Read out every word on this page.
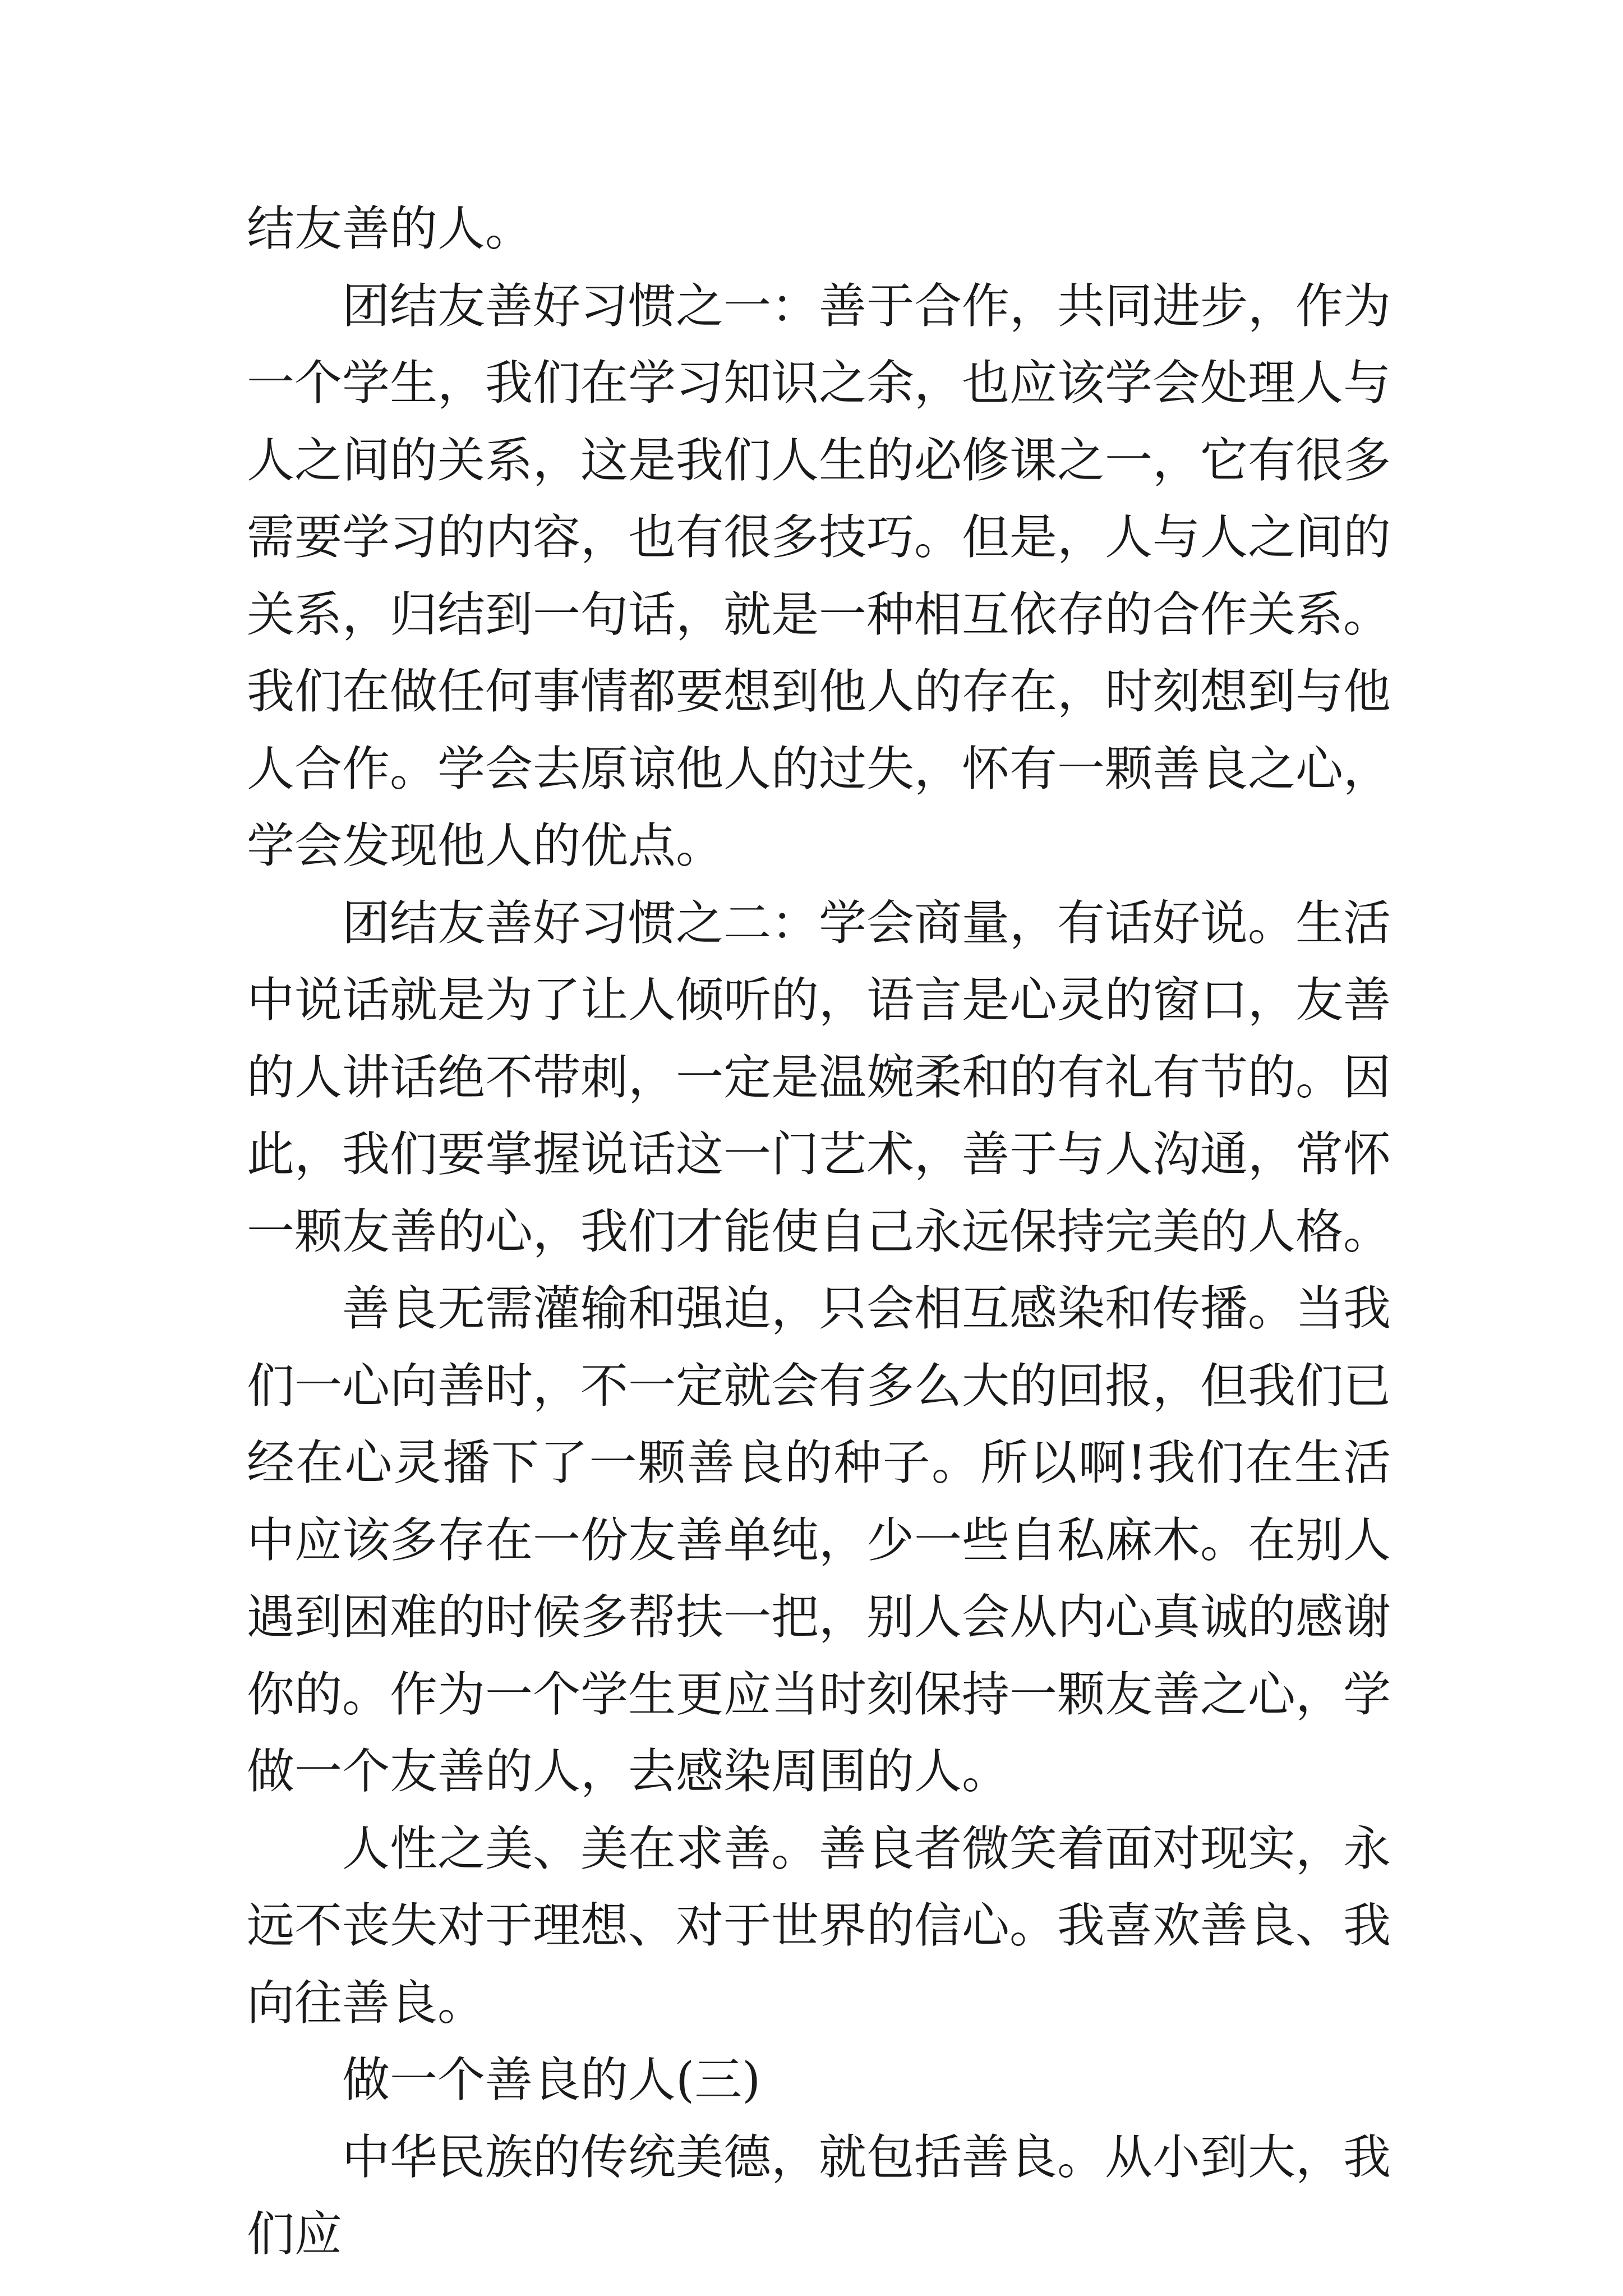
结友善的人。

团结友善好习惯之一：善于合作，共同进步，作为一个学生，我们在学习知识之余，也应该学会处理人与人之间的关系，这是我们人生的必修课之一，它有很多需要学习的内容，也有很多技巧。但是，人与人之间的关系，归结到一句话，就是一种相互依存的合作关系。我们在做任何事情都要想到他人的存在，时刻想到与他人合作。学会去原谅他人的过失，怀有一颗善良之心，学会发现他人的优点。

团结友善好习惯之二：学会商量，有话好说。生活中说话就是为了让人倾听的，语言是心灵的窗口，友善的人讲话绝不带刺，一定是温婉柔和的有礼有节的。因此，我们要掌握说话这一门艺术，善于与人沟通，常怀一颗友善的心，我们才能使自己永远保持完美的人格。

善良无需灌输和强迫，只会相互感染和传播。当我们一心向善时，不一定就会有多么大的回报，但我们已经在心灵播下了一颗善良的种子。所以啊!我们在生活中应该多存在一份友善单纯，少一些自私麻木。在别人遇到困难的时候多帮扶一把，别人会从内心真诚的感谢你的。作为一个学生更应当时刻保持一颗友善之心，学做一个友善的人，去感染周围的人。

人性之美、美在求善。善良者微笑着面对现实，永远不丧失对于理想、对于世界的信心。我喜欢善良、我向往善良。

做一个善良的人(三)

中华民族的传统美德，就包括善良。从小到大，我们应
